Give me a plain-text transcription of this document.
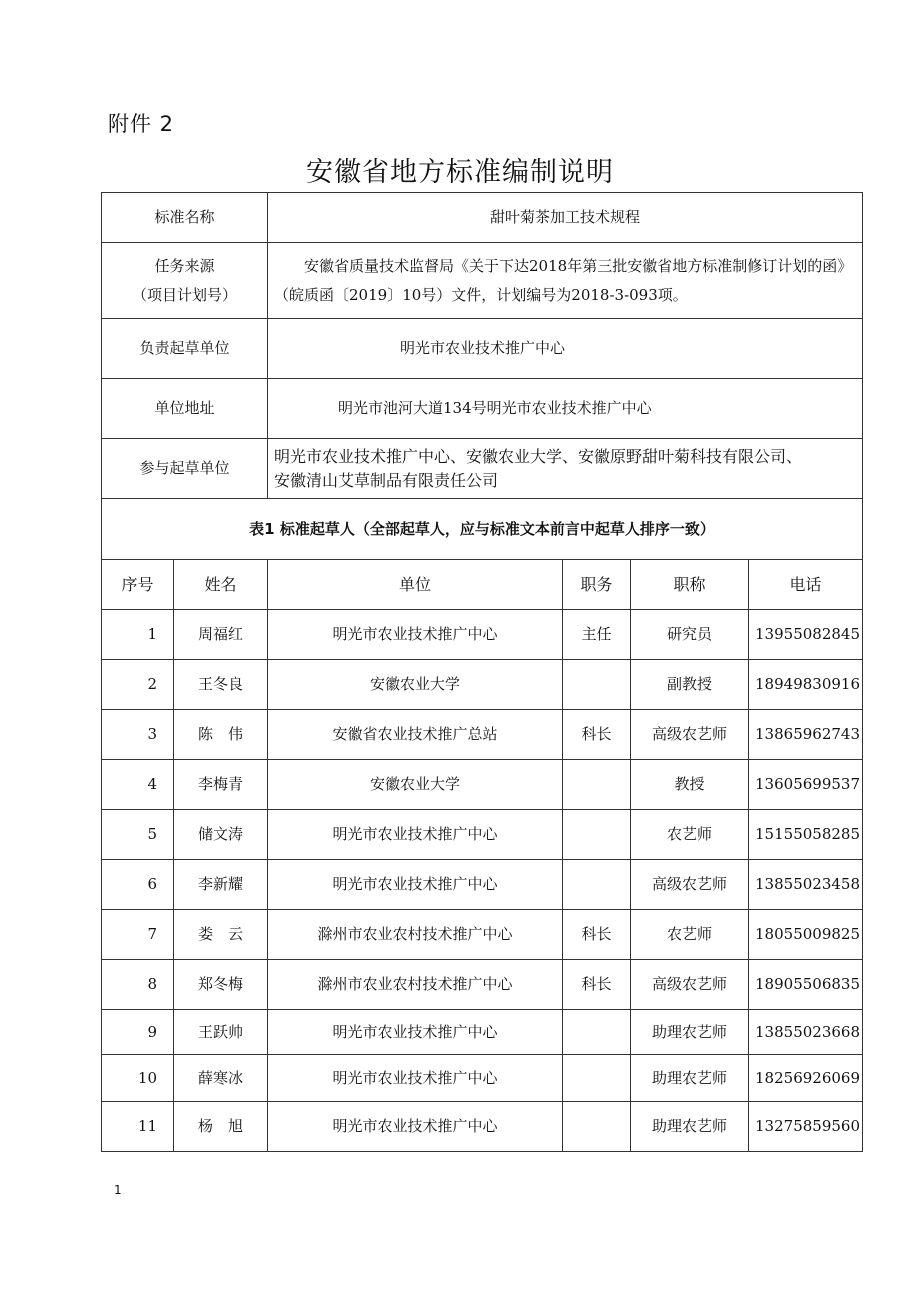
附件 2
安徽省地方标准编制说明
标准名称		甜叶菊茶加工技术规程			

任务来源
（项目计划号）		安徽省质量技术监督局《关于下达2018年第三批安徽省地方标准制修订计划的函》（皖质函〔2019〕10号）文件，计划编号为2018-3-093项。			
负责起草单位		明光市农业技术推广中心			
单位地址		明光市池河大道134号明光市农业技术推广中心			
参与起草单位		明光市农业技术推广中心、安徽农业大学、安徽原野甜叶菊科技有限公司、
安徽清山艾草制品有限责任公司			

表1 标准起草人（全部起草人，应与标准文本前言中起草人排序一致）					
序号	姓名	单位	职务	职称	电话
1	周福红	明光市农业技术推广中心	主任	研究员	13955082845
2	王冬良	安徽农业大学		副教授	18949830916
3	陈　伟	安徽省农业技术推广总站	科长	高级农艺师	13865962743
4	李梅青	安徽农业大学		教授	13605699537
5	储文涛	明光市农业技术推广中心		农艺师	15155058285
6	李新耀	明光市农业技术推广中心		高级农艺师	13855023458
7	娄　云	滁州市农业农村技术推广中心	科长	农艺师	18055009825
8	郑冬梅	滁州市农业农村技术推广中心	科长	高级农艺师	18905506835
9	王跃帅	明光市农业技术推广中心		助理农艺师	13855023668
10	薛寒冰	明光市农业技术推广中心		助理农艺师	18256926069
11	杨　旭	明光市农业技术推广中心		助理农艺师	13275859560
1
